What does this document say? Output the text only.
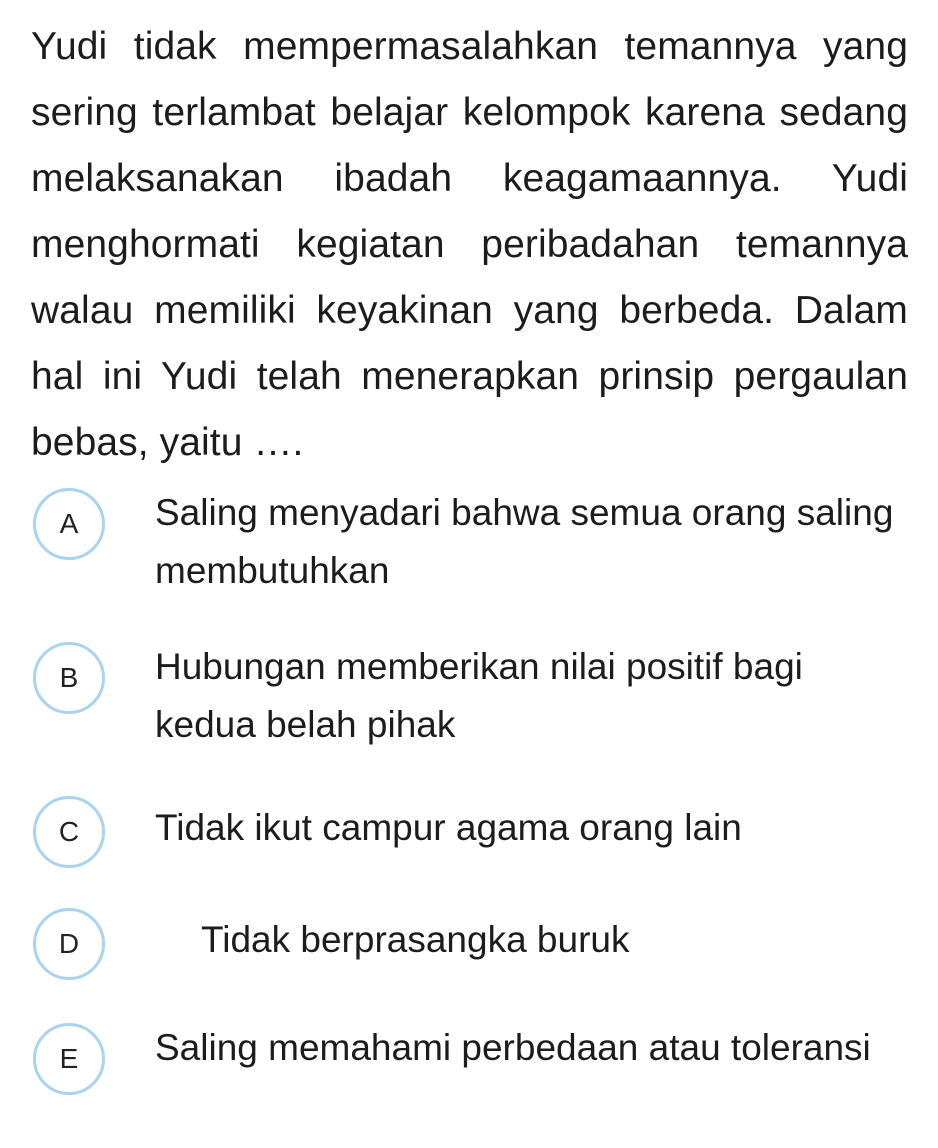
Yudi tidak mempermasalahkan temannya yang sering terlambat belajar kelompok karena sedang melaksanakan ibadah keagamaannya. Yudi menghormati kegiatan peribadahan temannya walau memiliki keyakinan yang berbeda. Dalam hal ini Yudi telah menerapkan prinsip pergaulan bebas, yaitu ….
A	Saling menyadari bahwa semua orang saling membutuhkan
B	Hubungan memberikan nilai positif bagi kedua belah pihak
C	Tidak ikut campur agama orang lain
D	Tidak berprasangka buruk
E	Saling memahami perbedaan atau toleransi
